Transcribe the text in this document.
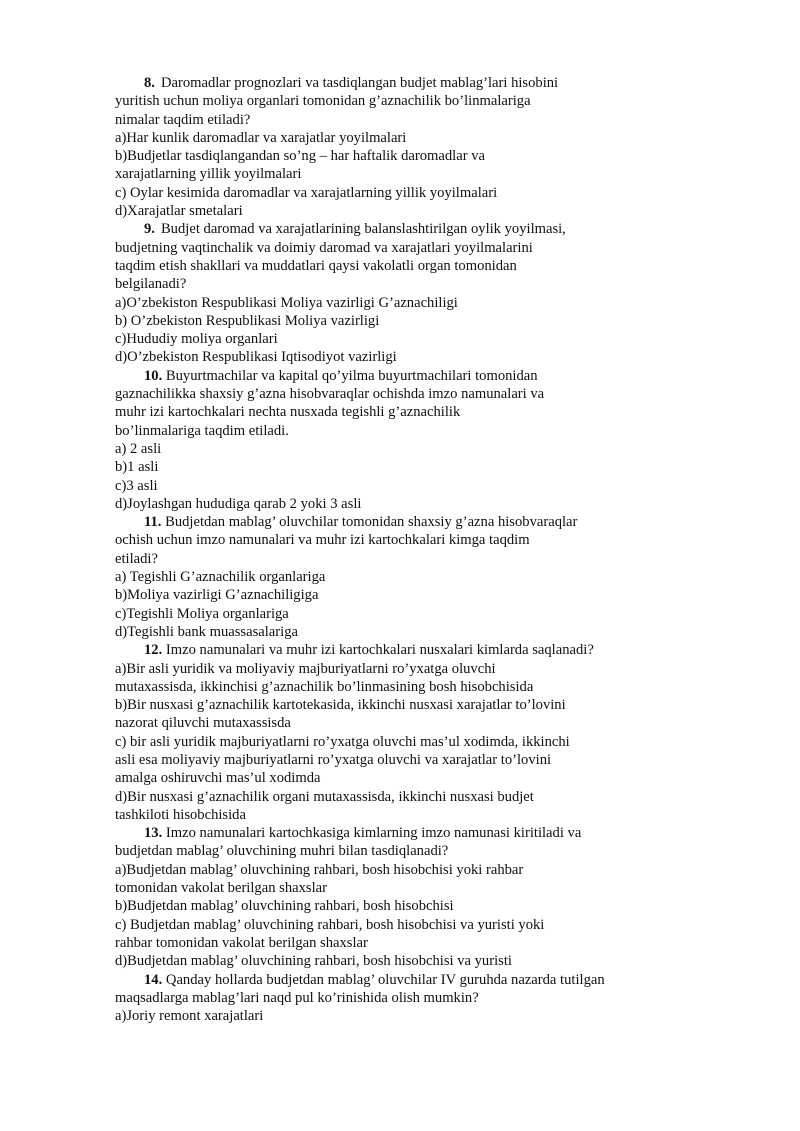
8. Daromadlar prognozlari va tasdiqlangan budjet mablag’lari hisobini
yuritish uchun moliya organlari tomonidan g’aznachilik bo’linmalariga
nimalar taqdim etiladi?
a)Har kunlik daromadlar va xarajatlar yoyilmalari
b)Budjetlar tasdiqlangandan so’ng – har haftalik daromadlar va
xarajatlarning yillik yoyilmalari
c) Oylar kesimida daromadlar va xarajatlarning yillik yoyilmalari
d)Xarajatlar smetalari
9. Budjet daromad va xarajatlarining balanslashtirilgan oylik yoyilmasi,
budjetning vaqtinchalik va doimiy daromad va xarajatlari yoyilmalarini
taqdim etish shakllari va muddatlari qaysi vakolatli organ tomonidan
belgilanadi?
a)O’zbekiston Respublikasi Moliya vazirligi G’aznachiligi
b) O’zbekiston Respublikasi Moliya vazirligi
c)Hududiy moliya organlari
d)O’zbekiston Respublikasi Iqtisodiyot vazirligi
10. Buyurtmachilar va kapital qo’yilma buyurtmachilari tomonidan
gaznachilikka shaxsiy g’azna hisobvaraqlar ochishda imzo namunalari va
muhr izi kartochkalari nechta nusxada tegishli g’aznachilik
bo’linmalariga taqdim etiladi.
a) 2 asli
b)1 asli
c)3 asli
d)Joylashgan hududiga qarab 2 yoki 3 asli
11. Budjetdan mablag’ oluvchilar tomonidan shaxsiy g’azna hisobvaraqlar
ochish uchun imzo namunalari va muhr izi kartochkalari kimga taqdim
etiladi?
a) Tegishli G’aznachilik organlariga
b)Moliya vazirligi G’aznachiligiga
c)Tegishli Moliya organlariga
d)Tegishli bank muassasalariga
12. Imzo namunalari va muhr izi kartochkalari nusxalari kimlarda saqlanadi?
a)Bir asli yuridik va moliyaviy majburiyatlarni ro’yxatga oluvchi
mutaxassisda, ikkinchisi g’aznachilik bo’linmasining bosh hisobchisida
b)Bir nusxasi g’aznachilik kartotekasida, ikkinchi nusxasi xarajatlar to’lovini
nazorat qiluvchi mutaxassisda
c) bir asli yuridik majburiyatlarni ro’yxatga oluvchi mas’ul xodimda, ikkinchi
asli esa moliyaviy majburiyatlarni ro’yxatga oluvchi va xarajatlar to’lovini
amalga oshiruvchi mas’ul xodimda
d)Bir nusxasi g’aznachilik organi mutaxassisda, ikkinchi nusxasi budjet
tashkiloti hisobchisida
13. Imzo namunalari kartochkasiga kimlarning imzo namunasi kiritiladi va
budjetdan mablag’ oluvchining muhri bilan tasdiqlanadi?
a)Budjetdan mablag’ oluvchining rahbari, bosh hisobchisi yoki rahbar
tomonidan vakolat berilgan shaxslar
b)Budjetdan mablag’ oluvchining rahbari, bosh hisobchisi
c) Budjetdan mablag’ oluvchining rahbari, bosh hisobchisi va yuristi yoki
rahbar tomonidan vakolat berilgan shaxslar
d)Budjetdan mablag’ oluvchining rahbari, bosh hisobchisi va yuristi
14. Qanday hollarda budjetdan mablag’ oluvchilar IV guruhda nazarda tutilgan
maqsadlarga mablag’lari naqd pul ko’rinishida olish mumkin?
a)Joriy remont xarajatlari
